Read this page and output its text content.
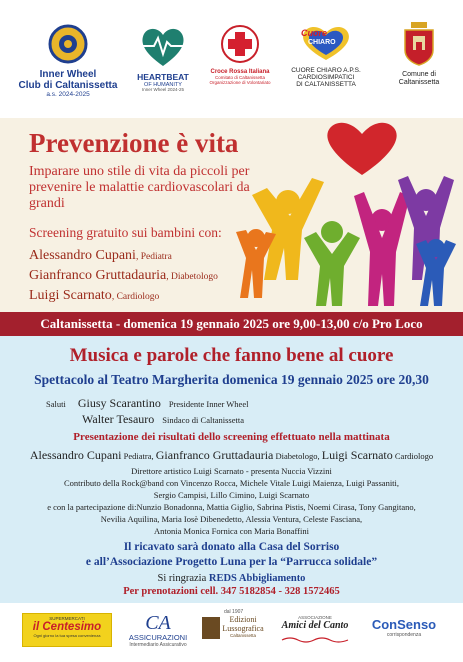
Inner Wheel
Club di Caltanissetta
a.s. 2024-2025
HEARTBEAT
OF HUMANITY
Inner Wheel 2024-25
Croce Rossa Italiana
Comitato di Caltanissetta
Organizzazione di Volontariato
Cuore
CHIARO
CUORE CHIARO A.P.S.
CARDIOSIMPATICI
DI CALTANISSETTA
Comune di
Caltanissetta
Prevenzione è vita
Imparare uno stile di vita da piccoli per prevenire le malattie cardiovascolari da grandi
Screening gratuito sui bambini con:
Alessandro Cupani, Pediatra
Gianfranco Gruttadauria, Diabetologo
Luigi Scarnato, Cardiologo
Caltanissetta - domenica 19 gennaio 2025 ore 9,00-13,00 c/o Pro Loco
Musica e parole che fanno bene al cuore
Spettacolo al Teatro Margherita domenica 19 gennaio 2025 ore 20,30
Saluti Giusy Scarantino Presidente Inner Wheel
Walter Tesauro Sindaco di Caltanissetta
Presentazione dei risultati dello screening effettuato nella mattinata
Alessandro Cupani Pediatra, Gianfranco Gruttadauria Diabetologo, Luigi Scarnato Cardiologo
Direttore artistico Luigi Scarnato - presenta Nuccia Vizzini
Contributo della Rock@band con Vincenzo Rocca, Michele Vitale Luigi Maienza, Luigi Passaniti,
Sergio Campisi, Lillo Cimino, Luigi Scarnato
e con la partecipazione di:Nunzio Bonadonna, Mattia Giglio, Sabrina Pistis, Noemi Cirasa, Tony Gangitano,
Nevilia Aquilina, Maria Iosè Dibenedetto, Alessia Ventura, Celeste Fasciana,
Antonia Monica Fornica con Maria Bonaffini
Il ricavato sarà donato alla Casa del Sorriso
e all’Associazione Progetto Luna per la “Parrucca solidale”
Si ringrazia REDS Abbigliamento
Per prenotazioni cell. 347 5182854 - 328 1572465
SUPERMERCATI
il Centesimo
Ogni giorno la tua spesa convenienza
CA
ASSICURAZIONI
Intermediario Assicurativo
dal 1907
Edizioni
Lussografica
Caltanissetta
ASSOCIAZIONE
Amici del Canto	ConSenso
corrispondenza
